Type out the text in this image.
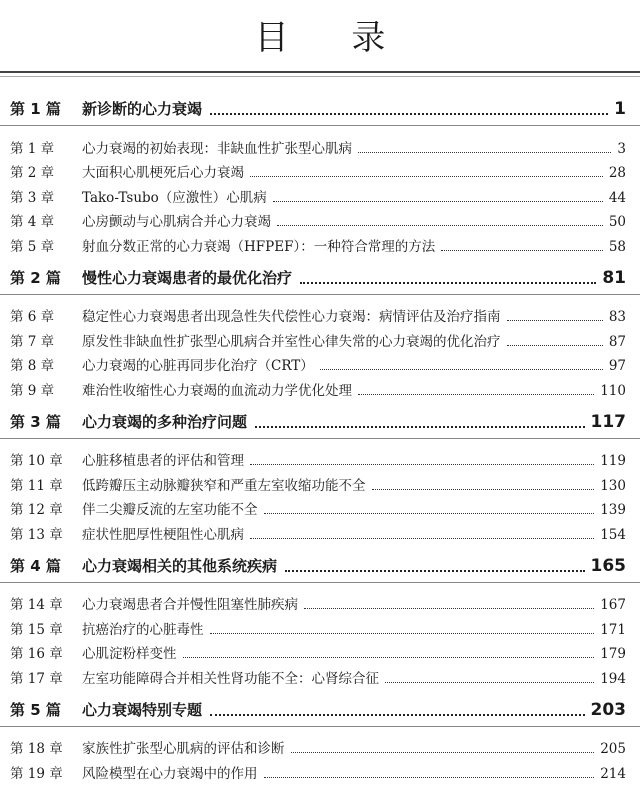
目 录
第 1 篇	新诊断的心力衰竭	1
第 1 章	心力衰竭的初始表现：非缺血性扩张型心肌病	3
第 2 章	大面积心肌梗死后心力衰竭	28
第 3 章	Tako-Tsubo（应激性）心肌病	44
第 4 章	心房颤动与心肌病合并心力衰竭	50
第 5 章	射血分数正常的心力衰竭（HFPEF）：一种符合常理的方法	58
第 2 篇	慢性心力衰竭患者的最优化治疗	81
第 6 章	稳定性心力衰竭患者出现急性失代偿性心力衰竭：病情评估及治疗指南	83
第 7 章	原发性非缺血性扩张型心肌病合并室性心律失常的心力衰竭的优化治疗	87
第 8 章	心力衰竭的心脏再同步化治疗（CRT）	97
第 9 章	难治性收缩性心力衰竭的血流动力学优化处理	110
第 3 篇	心力衰竭的多种治疗问题	117
第 10 章	心脏移植患者的评估和管理	119
第 11 章	低跨瓣压主动脉瓣狭窄和严重左室收缩功能不全	130
第 12 章	伴二尖瓣反流的左室功能不全	139
第 13 章	症状性肥厚性梗阻性心肌病	154
第 4 篇	心力衰竭相关的其他系统疾病	165
第 14 章	心力衰竭患者合并慢性阻塞性肺疾病	167
第 15 章	抗癌治疗的心脏毒性	171
第 16 章	心肌淀粉样变性	179
第 17 章	左室功能障碍合并相关性肾功能不全：心肾综合征	194
第 5 篇	心力衰竭特别专题	203
第 18 章	家族性扩张型心肌病的评估和诊断	205
第 19 章	风险模型在心力衰竭中的作用	214
